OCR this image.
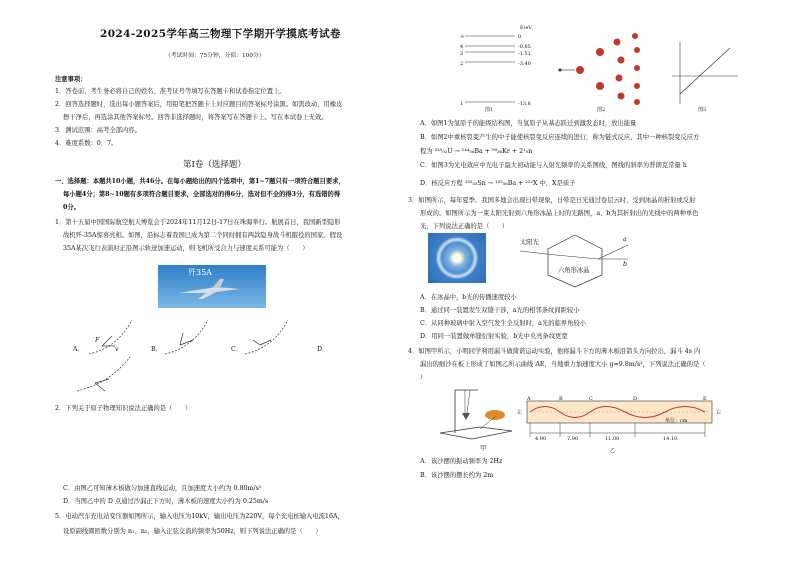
2024-2025学年高三物理下学期开学摸底考试卷
（考试时间：75分钟，分值：100分）
注意事项：
1．答卷前，考生务必将自己的姓名、准考证号等填写在答题卡和试卷指定位置上。
2．回答选择题时，选出每小题答案后，用铅笔把答题卡上对应题目的答案标号涂黑。如需改动，用橡皮
擦干净后，再选涂其他答案标号。回答非选择题时，将答案写在答题卡上。写在本试卷上无效。
3．测试范围：高考全部内容。
4．难度系数：0．7。
第Ⅰ卷（选择题）
一、选择题：本题共10小题，共46分。在每小题给出的四个选项中，第1~7题只有一项符合题目要求，
每小题4分；第8~10题有多项符合题目要求，全部选对的得6分，选对但不全的得3分，有选错的得
0分。
1．第十五届中国国际航空航天博览会于2024年11月12日-17日在珠海举行。航展首日，我国新型隐形
战机歼-35A惊喜亮相。如图，沿标志着我国已成为第二个同时拥有两款隐身战斗机服役的国家。假设
35A某次飞行表演时正沿图示轨迹加速运动，则飞机所受合力与速度关系可能为（　　）
歼35A
A．	B．	C．	D．
F
v
2．下列关于原子物理知识说法正确的是（　　）
C．由图乙可知薄木板做匀加速直线运动，且加速度大小约为 0.80m/s²
D．当图乙中的 D 点通过沙漏正下方时，薄木板的速度大小约为 0.25m/s
5．电动汽车充电站变压器如图所示，输入电压为10kV，输出电压为220V，每个充电桩输入电流16A，
设原副线圈匝数分别为 n₁、n₂，输入正弦交流的频率为50Hz，则下列说法正确的是（　　）
E/eV
0
-0.85
-1.51
-3.40
-13.6
∞
4
3
2
1
图1	图2	图3
A．如图1为氢原子的能级结构图，当氢原子从基态跃迁到激发态时，放出能量
B．如图2中重核裂变产生的中子能使核裂变反应连续的进行，称为链式反应，其中一种核裂变反应方
程为 ²³⁵₉₂U → ¹⁴⁴₅₆Ba + ⁸⁹₃₆Kr + 2¹₀n
C．如图3为光电效应中光电子最大初动能与入射光频率的关系图线，图线的斜率为普朗克常量 h
D．核反应方程 ¹³²₅₅Sn → ¹³²₅₆Ba + ²²²X 中，X是质子
3．如图所示，每年夏季，我国多地会出现日晕现象，日晕是日光通过卷层云时，受到冰晶的折射或反射
形成的。如图所示为一束太阳光射到六角形冰晶上时的光路图，a、b为其折射出的光线中的两种单色
光，下列说法正确的是（　　）
太阳光
六角形冰晶
a
b
A．在冰晶中，b光的传播速度较小
B．通过同一装置发生双缝干涉，a光的相邻条纹间距较小
C．从同种玻璃中射入空气发生全反射时，a光的临界角较小
D．用同一装置做单缝衍射实验，b光中央亮条纹更宽
4．如图甲所示，小明同学利用漏斗做简谐运动实验，他将漏斗下方的薄木板沿箭头方向拉出，漏斗 4s 内
漏出的细沙在板上形成了如图乙所示曲线 AE，当地重力加速度大小 g=9.8m/s²，下列说法正确的是（
）
甲
A	B	C	D	E
左
单位：cm
4.90	7.90	11.00	14.10
乙
右
A．该沙摆的振动频率为 2Hz
B．该沙摆的摆长约为 2m
